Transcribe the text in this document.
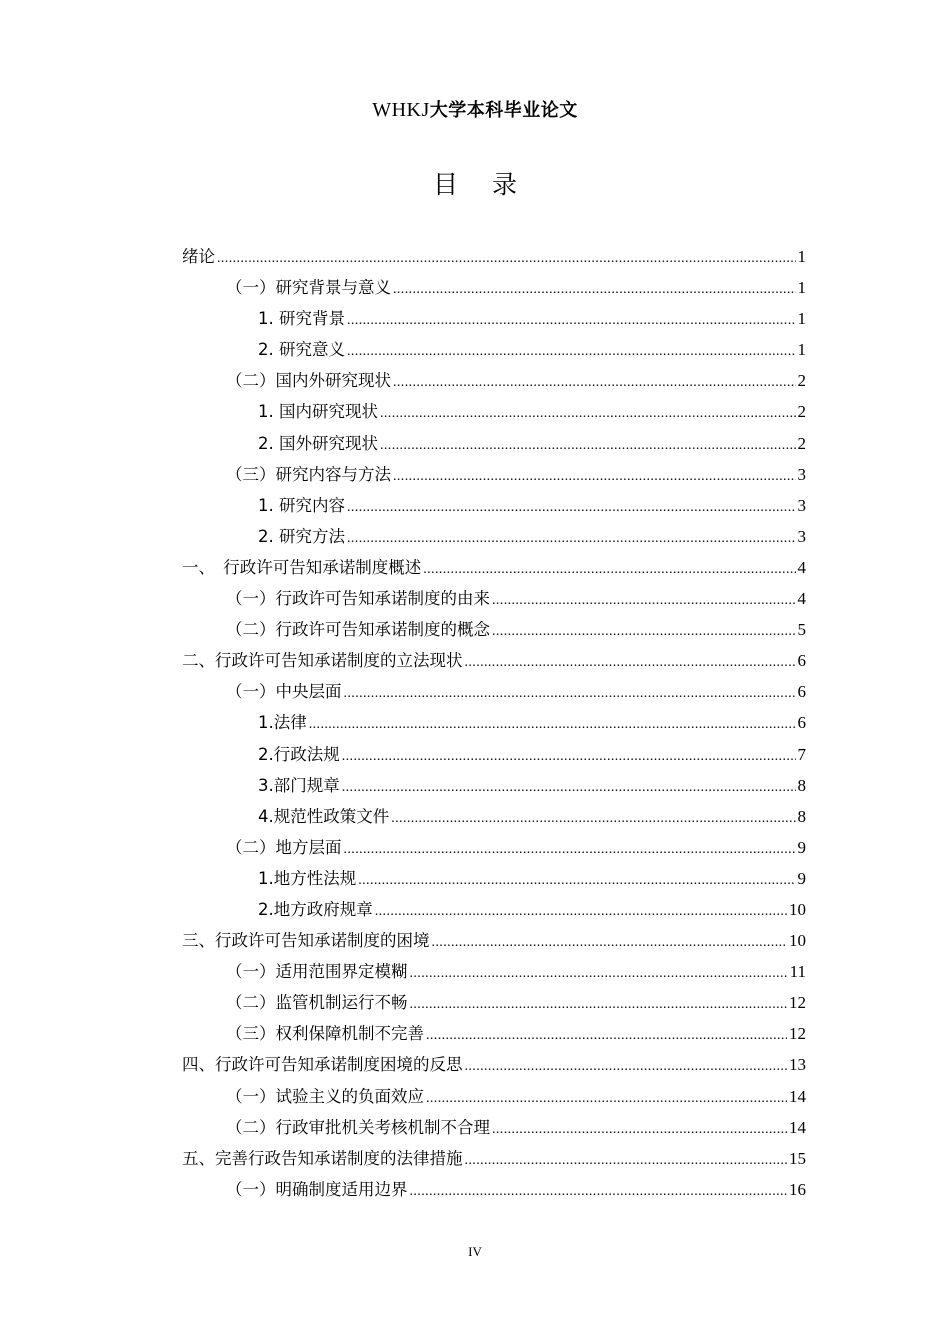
WHKJ大学本科毕业论文
目录
绪论 .....	1
（一）研究背景与意义 .....	1
1. 研究背景 .....	1
2. 研究意义 .....	1
（二）国内外研究现状 .....	2
1. 国内研究现状 .....	2
2. 国外研究现状 .....	2
（三）研究内容与方法 .....	3
1. 研究内容 .....	3
2. 研究方法 .....	3
一、　行政许可告知承诺制度概述 .....	4
（一）行政许可告知承诺制度的由来 .....	4
（二）行政许可告知承诺制度的概念 .....	5
二、行政许可告知承诺制度的立法现状 .....	6
（一）中央层面 .....	6
1.法律 .....	6
2.行政法规 .....	7
3.部门规章 .....	8
4.规范性政策文件 .....	8
（二）地方层面 .....	9
1.地方性法规 .....	9
2.地方政府规章 .....	10
三、行政许可告知承诺制度的困境 .....	10
（一）适用范围界定模糊 .....	11
（二）监管机制运行不畅 .....	12
（三）权利保障机制不完善 .....	12
四、行政许可告知承诺制度困境的反思 .....	13
（一）试验主义的负面效应 .....	14
（二）行政审批机关考核机制不合理 .....	14
五、完善行政告知承诺制度的法律措施 .....	15
（一）明确制度适用边界 .....	16
IV
